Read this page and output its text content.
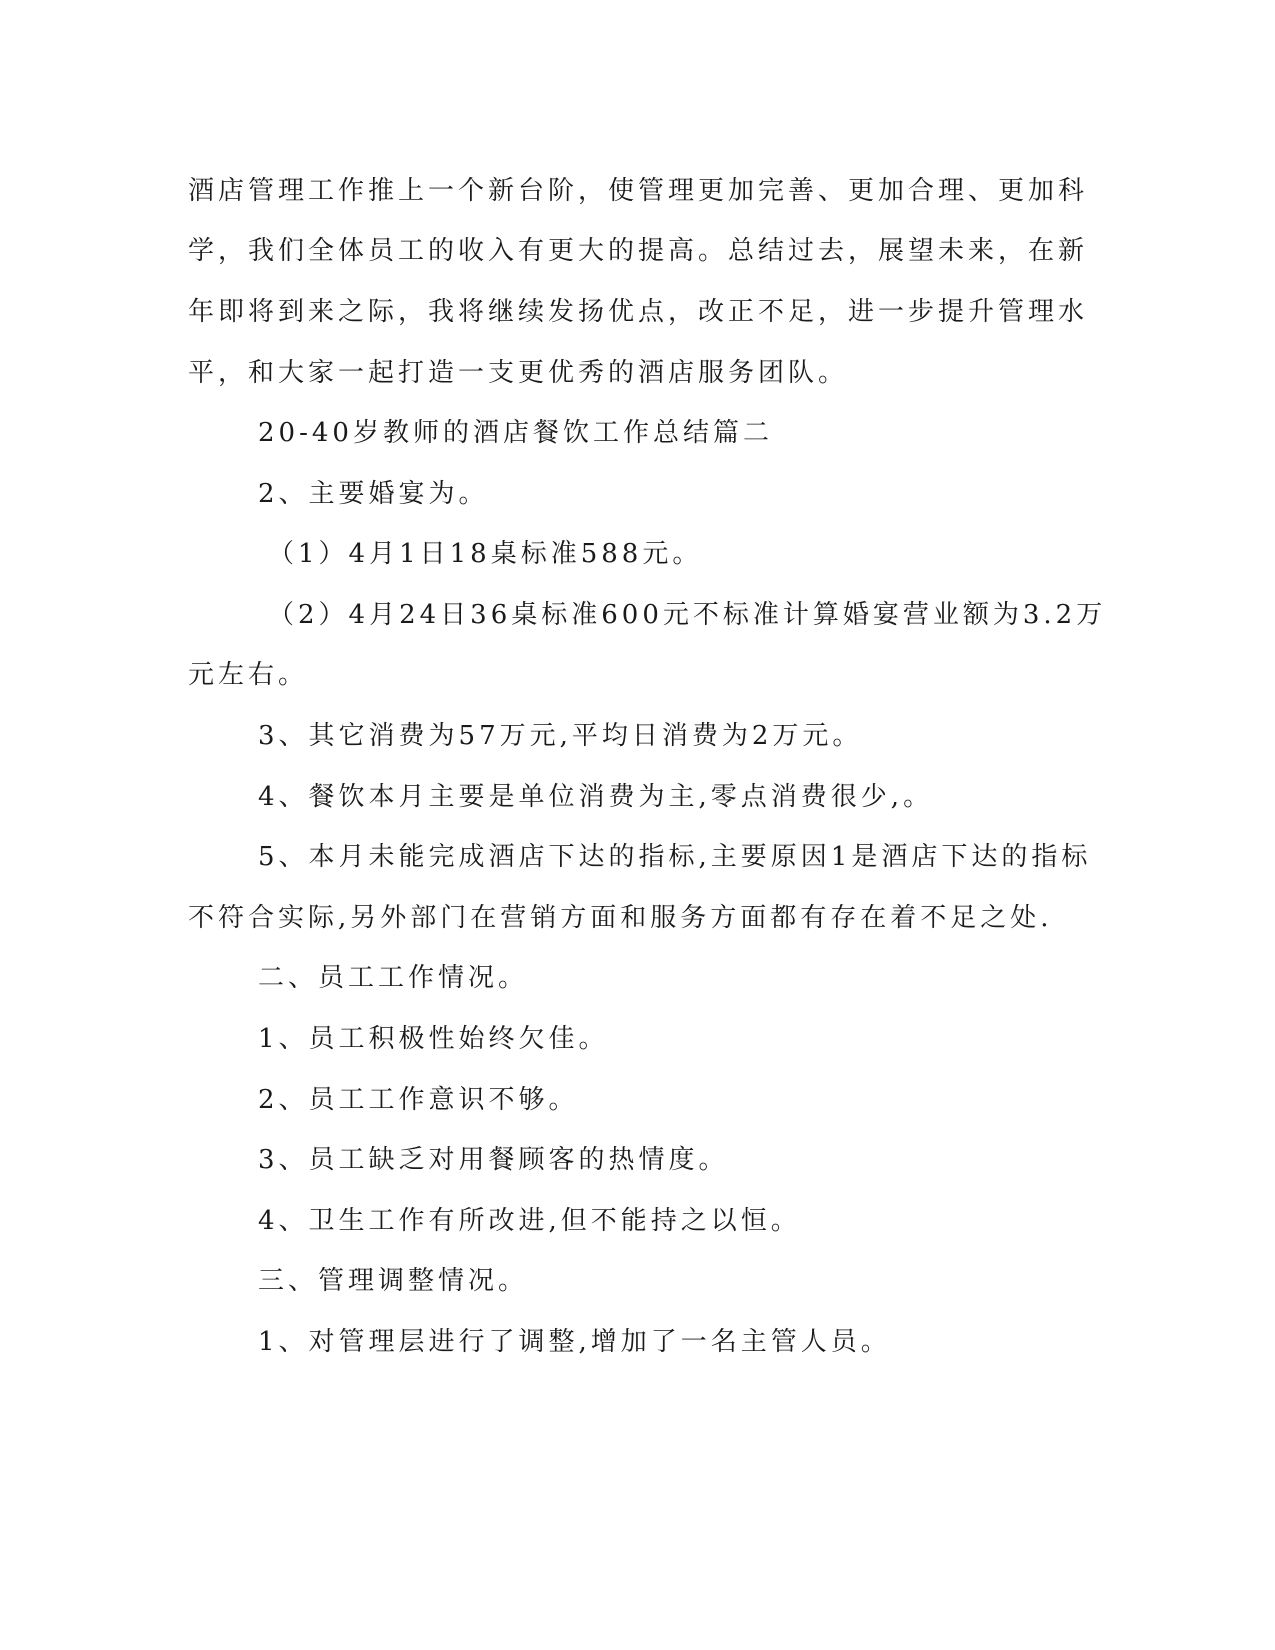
酒店管理工作推上一个新台阶，使管理更加完善、更加合理、更加科
学，我们全体员工的收入有更大的提高。总结过去，展望未来，在新
年即将到来之际，我将继续发扬优点，改正不足，进一步提升管理水
平，和大家一起打造一支更优秀的酒店服务团队。
20-40岁教师的酒店餐饮工作总结篇二
2、主要婚宴为。
（1）4月1日18桌标准588元。
（2）4月24日36桌标准600元不标准计算婚宴营业额为3.2万
元左右。
3、其它消费为57万元,平均日消费为2万元。
4、餐饮本月主要是单位消费为主,零点消费很少,。
5、本月未能完成酒店下达的指标,主要原因1是酒店下达的指标
不符合实际,另外部门在营销方面和服务方面都有存在着不足之处.
二、员工工作情况。
1、员工积极性始终欠佳。
2、员工工作意识不够。
3、员工缺乏对用餐顾客的热情度。
4、卫生工作有所改进,但不能持之以恒。
三、管理调整情况。
1、对管理层进行了调整,增加了一名主管人员。
